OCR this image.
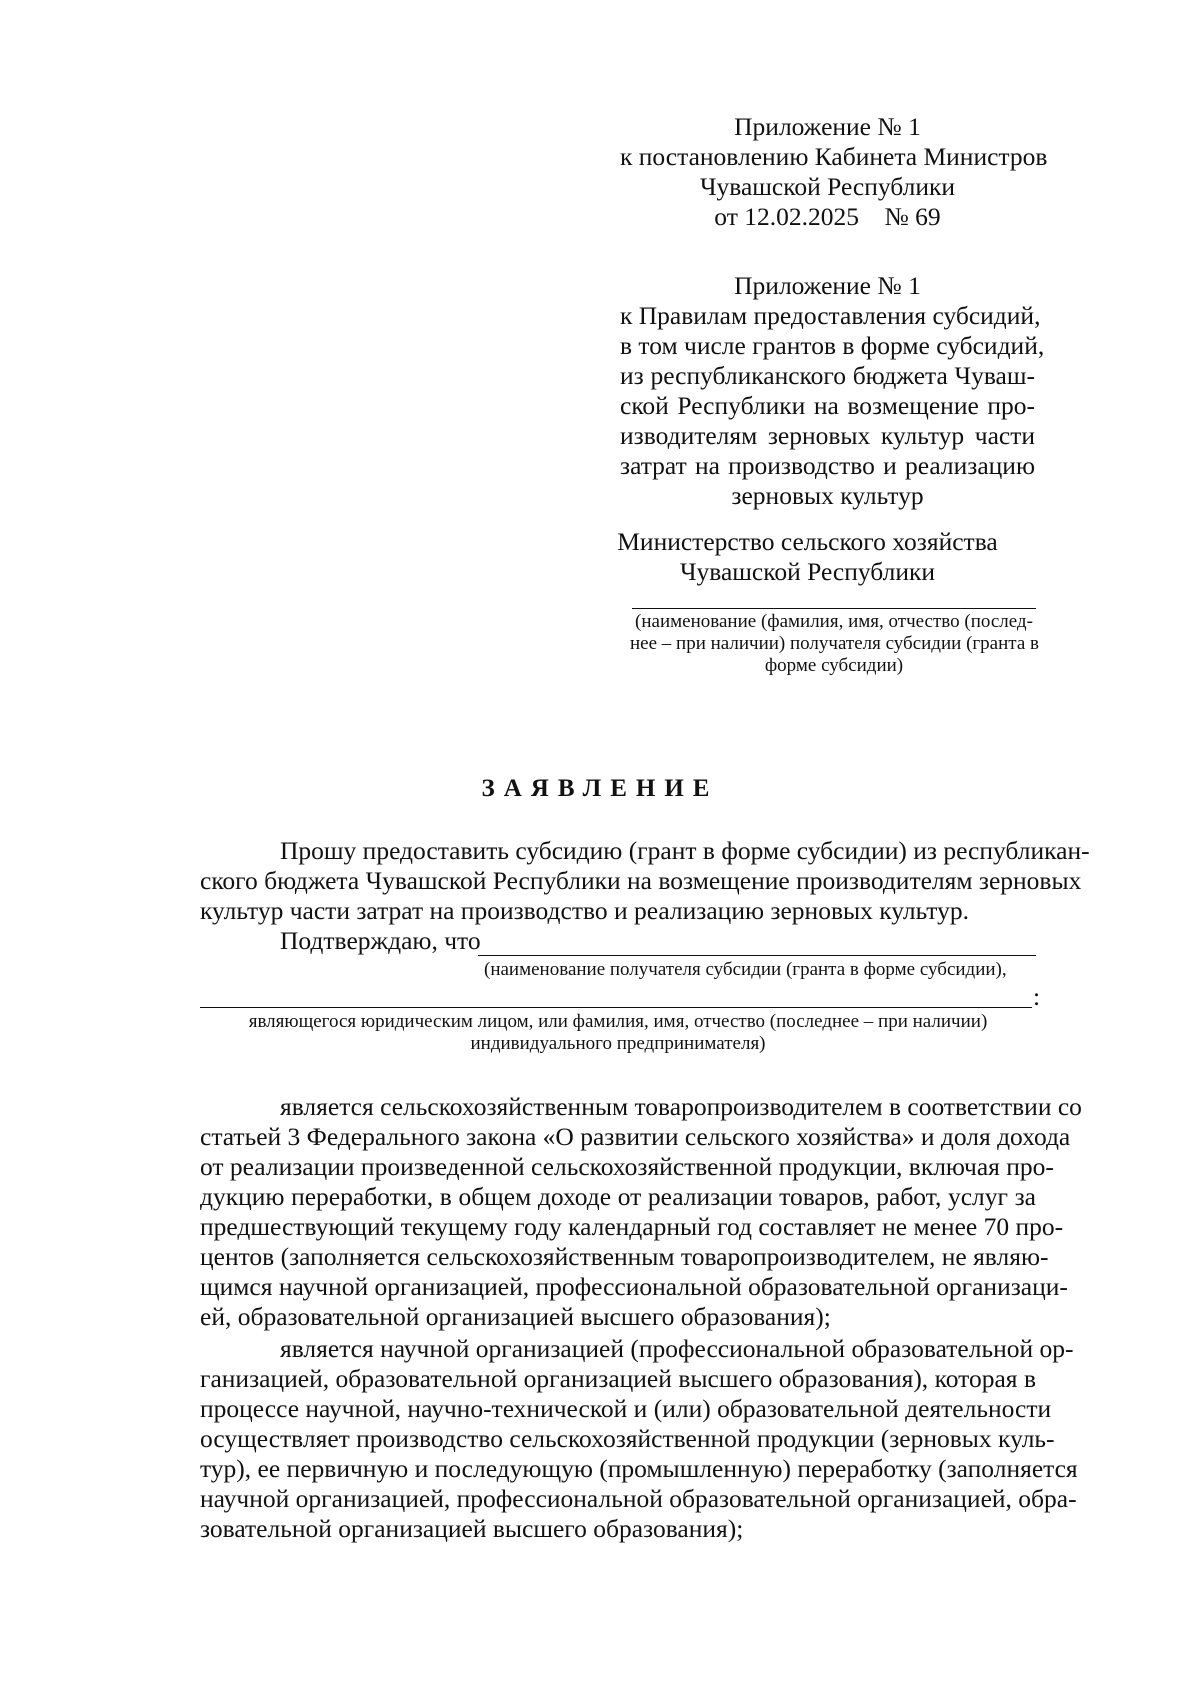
Приложение № 1
к постановлению Кабинета Министров
Чувашской Республики
от 12.02.2025    № 69
Приложение № 1
к Правилам предоставления субсидий,
в том числе грантов в форме субсидий,
из республиканского бюджета Чуваш-
ской Республики на возмещение про-
изводителям зерновых культур части
затрат на производство и реализацию
зерновых культур
Министерство сельского хозяйства
Чувашской Республики
(наименование (фамилия, имя, отчество (послед-
нее – при наличии) получателя субсидии (гранта в
форме субсидии)
ЗАЯВЛЕНИЕ
Прошу предоставить субсидию (грант в форме субсидии) из республикан-
ского бюджета Чувашской Республики на возмещение производителям зерновых
культур части затрат на производство и реализацию зерновых культур.
Подтверждаю, что
(наименование получателя субсидии (гранта в форме субсидии),
:
являющегося юридическим лицом, или фамилия, имя, отчество (последнее – при наличии)
индивидуального предпринимателя)
является сельскохозяйственным товаропроизводителем в соответствии со
статьей 3 Федерального закона «О развитии сельского хозяйства» и доля дохода
от реализации произведенной сельскохозяйственной продукции, включая про-
дукцию переработки, в общем доходе от реализации товаров, работ, услуг за
предшествующий текущему году календарный год составляет не менее 70 про-
центов (заполняется сельскохозяйственным товаропроизводителем, не являю-
щимся научной организацией, профессиональной образовательной организаци-
ей, образовательной организацией высшего образования);
является научной организацией (профессиональной образовательной ор-
ганизацией, образовательной организацией высшего образования), которая в
процессе научной, научно-технической и (или) образовательной деятельности
осуществляет производство сельскохозяйственной продукции (зерновых куль-
тур), ее первичную и последующую (промышленную) переработку (заполняется
научной организацией, профессиональной образовательной организацией, обра-
зовательной организацией высшего образования);
